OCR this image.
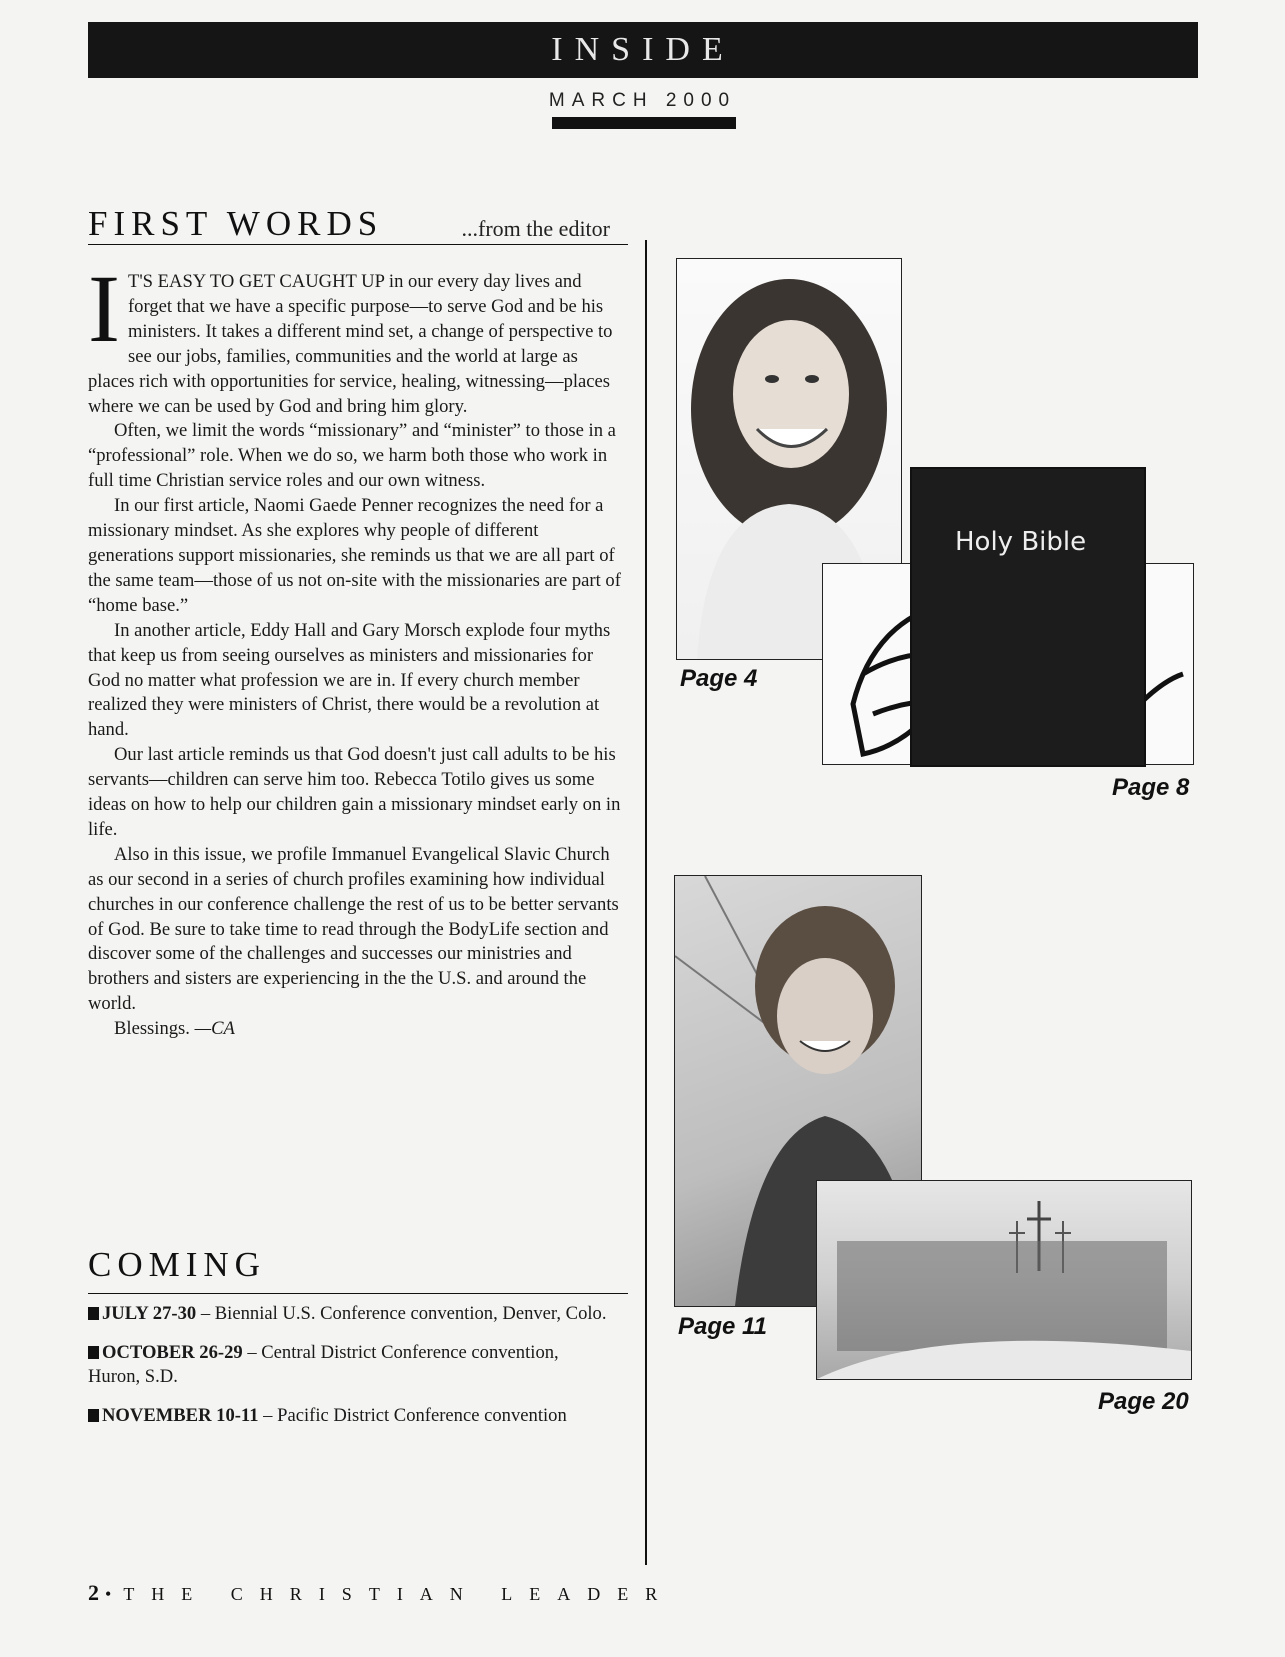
INSIDE
MARCH 2000
FIRST WORDS	...from the editor

I T'S EASY TO GET CAUGHT UP in our every day lives and forget that we have a specific purpose—to serve God and be his ministers. It takes a different mind set, a change of perspective to see our jobs, families, communities and the world at large as places rich with opportunities for service, healing, witnessing—places where we can be used by God and bring him glory.

Often, we limit the words “missionary” and “minister” to those in a “professional” role. When we do so, we harm both those who work in full time Christian service roles and our own witness.

In our first article, Naomi Gaede Penner recognizes the need for a missionary mindset. As she explores why people of different generations support missionaries, she reminds us that we are all part of the same team—those of us not on-site with the missionaries are part of “home base.”

In another article, Eddy Hall and Gary Morsch explode four myths that keep us from seeing ourselves as ministers and missionaries for God no matter what profession we are in. If every church member realized they were ministers of Christ, there would be a revolution at hand.

Our last article reminds us that God doesn't just call adults to be his servants—children can serve him too. Rebecca Totilo gives us some ideas on how to help our children gain a missionary mindset early on in life.

Also in this issue, we profile Immanuel Evangelical Slavic Church as our second in a series of church profiles examining how individual churches in our conference challenge the rest of us to be better servants of God. Be sure to take time to read through the BodyLife section and discover some of the challenges and successes our ministries and brothers and sisters are experiencing in the the U.S. and around the world.

Blessings. —CA

COMING
JULY 27-30 – Biennial U.S. Conference convention, Denver, Colo.
OCTOBER 26-29 – Central District Conference convention, Huron, S.D.
NOVEMBER 10-11 – Pacific District Conference convention
Page 4
Holy Bible
Page 8
Page 11
Page 20
2 • THE CHRISTIAN LEADER
